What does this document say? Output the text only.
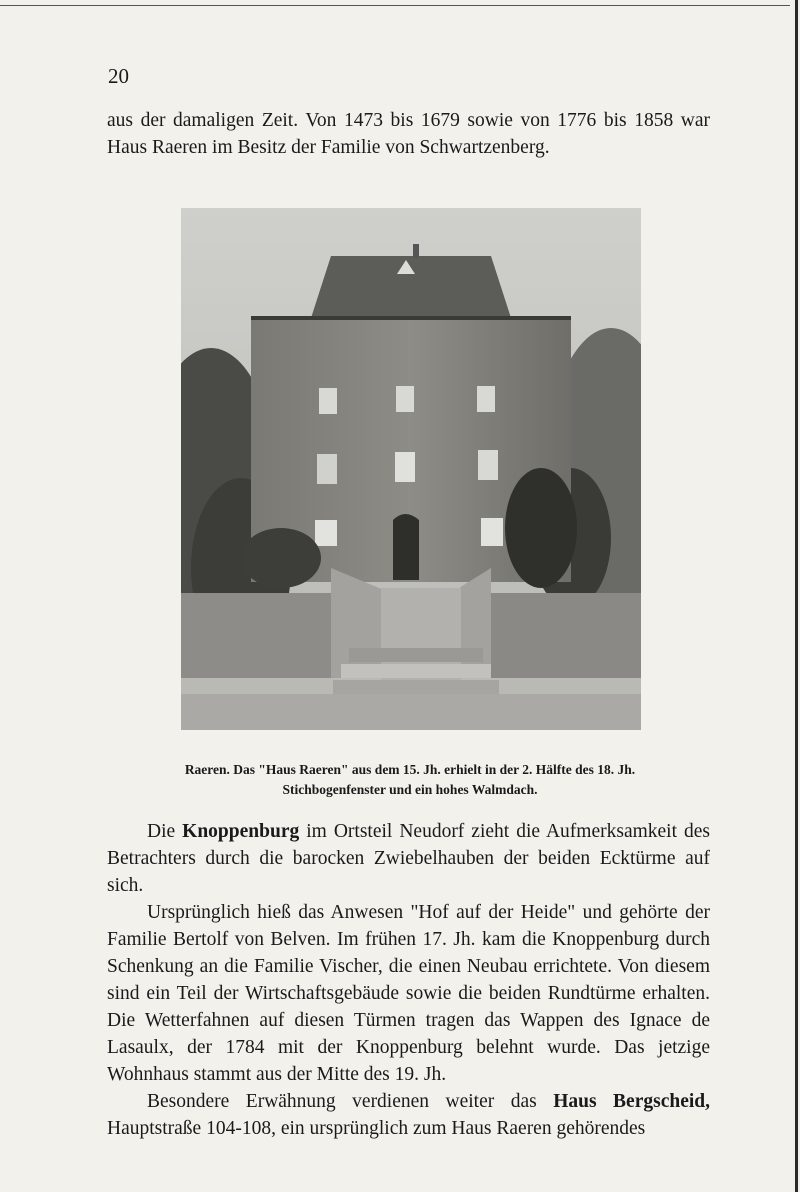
20

aus der damaligen Zeit. Von 1473 bis 1679 sowie von 1776 bis 1858 war Haus Raeren im Besitz der Familie von Schwartzenberg.

Raeren. Das "Haus Raeren" aus dem 15. Jh. erhielt in der 2. Hälfte des 18. Jh.
Stichbogenfenster und ein hohes Walmdach.

Die Knoppenburg im Ortsteil Neudorf zieht die Aufmerksamkeit des Betrachters durch die barocken Zwiebelhauben der beiden Ecktürme auf sich.

Ursprünglich hieß das Anwesen "Hof auf der Heide" und gehörte der Familie Bertolf von Belven. Im frühen 17. Jh. kam die Knoppenburg durch Schenkung an die Familie Vischer, die einen Neubau errichtete. Von diesem sind ein Teil der Wirtschaftsgebäude sowie die beiden Rundtürme erhalten. Die Wetterfahnen auf diesen Türmen tragen das Wappen des Ignace de Lasaulx, der 1784 mit der Knoppenburg belehnt wurde. Das jetzige Wohnhaus stammt aus der Mitte des 19. Jh.

Besondere Erwähnung verdienen weiter das Haus Bergscheid, Hauptstraße 104-108, ein ursprünglich zum Haus Raeren gehörendes
